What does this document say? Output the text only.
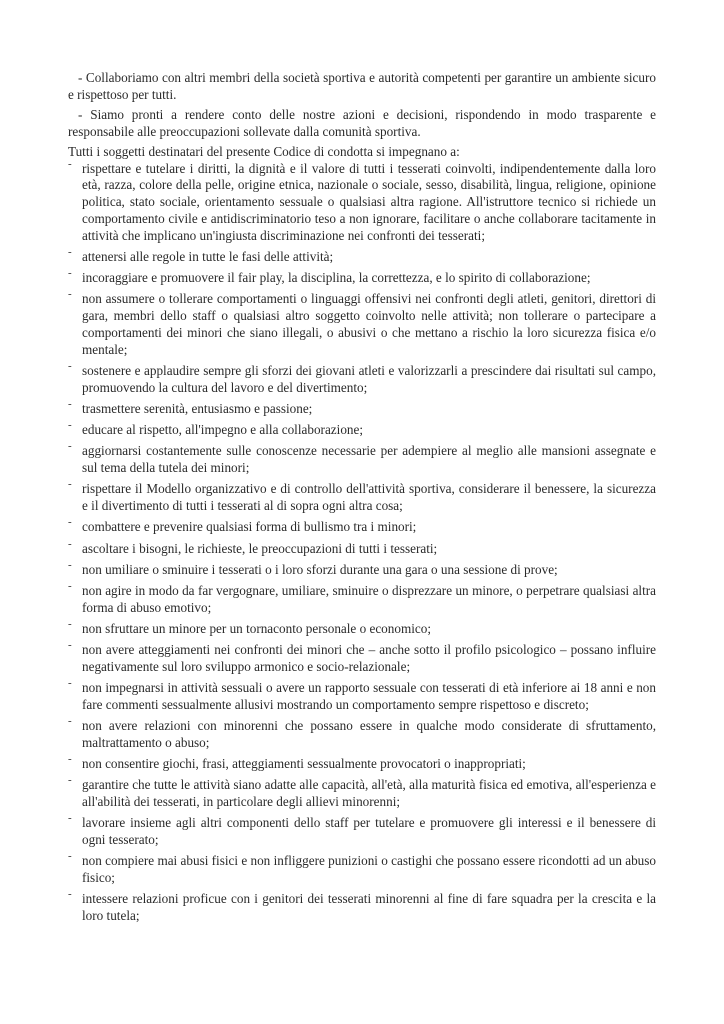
- Collaboriamo con altri membri della società sportiva e autorità competenti per garantire un ambiente sicuro e rispettoso per tutti.

- Siamo pronti a rendere conto delle nostre azioni e decisioni, rispondendo in modo trasparente e responsabile alle preoccupazioni sollevate dalla comunità sportiva.

Tutti i soggetti destinatari del presente Codice di condotta si impegnano a:

- rispettare e tutelare i diritti, la dignità e il valore di tutti i tesserati coinvolti, indipendentemente dalla loro età, razza, colore della pelle, origine etnica, nazionale o sociale, sesso, disabilità, lingua, religione, opinione politica, stato sociale, orientamento sessuale o qualsiasi altra ragione. All'istruttore tecnico si richiede un comportamento civile e antidiscriminatorio teso a non ignorare, facilitare o anche collaborare tacitamente in attività che implicano un'ingiusta discriminazione nei confronti dei tesserati;
- attenersi alle regole in tutte le fasi delle attività;
- incoraggiare e promuovere il fair play, la disciplina, la correttezza, e lo spirito di collaborazione;
- non assumere o tollerare comportamenti o linguaggi offensivi nei confronti degli atleti, genitori, direttori di gara, membri dello staff o qualsiasi altro soggetto coinvolto nelle attività; non tollerare o partecipare a comportamenti dei minori che siano illegali, o abusivi o che mettano a rischio la loro sicurezza fisica e/o mentale;
- sostenere e applaudire sempre gli sforzi dei giovani atleti e valorizzarli a prescindere dai risultati sul campo, promuovendo la cultura del lavoro e del divertimento;
- trasmettere serenità, entusiasmo e passione;
- educare al rispetto, all'impegno e alla collaborazione;
- aggiornarsi costantemente sulle conoscenze necessarie per adempiere al meglio alle mansioni assegnate e sul tema della tutela dei minori;
- rispettare il Modello organizzativo e di controllo dell'attività sportiva, considerare il benessere, la sicurezza e il divertimento di tutti i tesserati al di sopra ogni altra cosa;
- combattere e prevenire qualsiasi forma di bullismo tra i minori;
- ascoltare i bisogni, le richieste, le preoccupazioni di tutti i tesserati;
- non umiliare o sminuire i tesserati o i loro sforzi durante una gara o una sessione di prove;
- non agire in modo da far vergognare, umiliare, sminuire o disprezzare un minore, o perpetrare qualsiasi altra forma di abuso emotivo;
- non sfruttare un minore per un tornaconto personale o economico;
- non avere atteggiamenti nei confronti dei minori che – anche sotto il profilo psicologico – possano influire negativamente sul loro sviluppo armonico e socio-relazionale;
- non impegnarsi in attività sessuali o avere un rapporto sessuale con tesserati di età inferiore ai 18 anni e non fare commenti sessualmente allusivi mostrando un comportamento sempre rispettoso e discreto;
- non avere relazioni con minorenni che possano essere in qualche modo considerate di sfruttamento, maltrattamento o abuso;
- non consentire giochi, frasi, atteggiamenti sessualmente provocatori o inappropriati;
- garantire che tutte le attività siano adatte alle capacità, all'età, alla maturità fisica ed emotiva, all'esperienza e all'abilità dei tesserati, in particolare degli allievi minorenni;
- lavorare insieme agli altri componenti dello staff per tutelare e promuovere gli interessi e il benessere di ogni tesserato;
- non compiere mai abusi fisici e non infliggere punizioni o castighi che possano essere ricondotti ad un abuso fisico;
- intessere relazioni proficue con i genitori dei tesserati minorenni al fine di fare squadra per la crescita e la loro tutela;
